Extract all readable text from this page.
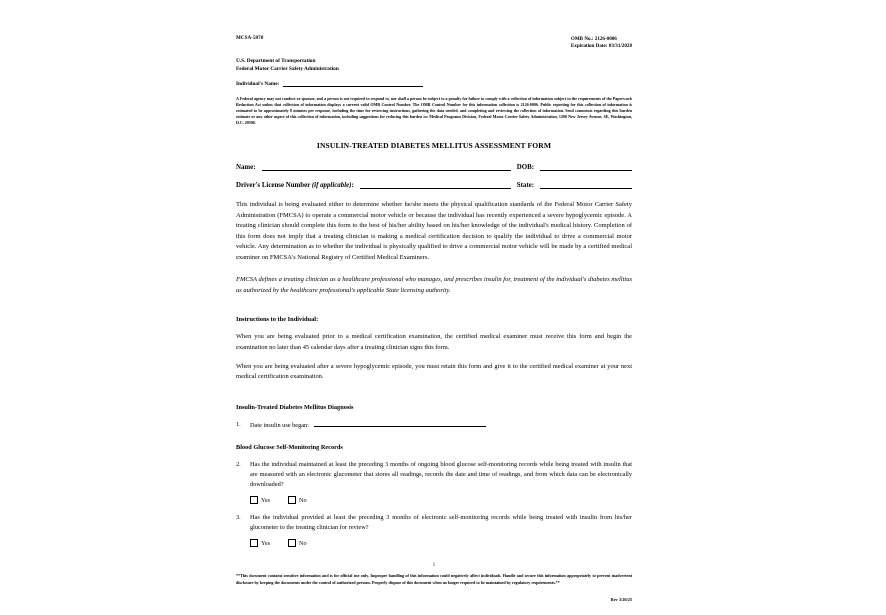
MCSA-5870	OMB No.: 2126-0006
Expiration Date: 03/31/2028
U.S. Department of Transportation
Federal Motor Carrier Safety Administration
Individual's Name:
A Federal agency may not conduct or sponsor, and a person is not required to respond to, nor shall a person be subject to a penalty for failure to comply with a collection of information subject to the requirements of the Paperwork Reduction Act unless that collection of information displays a current valid OMB Control Number. The OMB Control Number for this information collection is 2126-0006. Public reporting for this collection of information is estimated to be approximately 8 minutes per response, including the time for reviewing instructions, gathering the data needed, and completing and reviewing the collection of information. Send comments regarding this burden estimate or any other aspect of this collection of information, including suggestions for reducing this burden to: Medical Programs Division, Federal Motor Carrier Safety Administration, 1200 New Jersey Avenue, SE, Washington, D.C. 20590.
INSULIN-TREATED DIABETES MELLITUS ASSESSMENT FORM
Name:	DOB:
Driver's License Number (if applicable):	State:
This individual is being evaluated either to determine whether he/she meets the physical qualification standards of the Federal Motor Carrier Safety Administration (FMCSA) to operate a commercial motor vehicle or because the individual has recently experienced a severe hypoglycemic episode. A treating clinician should complete this form to the best of his/her ability based on his/her knowledge of the individual's medical history. Completion of this form does not imply that a treating clinician is making a medical certification decision to qualify the individual to drive a commercial motor vehicle. Any determination as to whether the individual is physically qualified to drive a commercial motor vehicle will be made by a certified medical examiner on FMCSA's National Registry of Certified Medical Examiners.
FMCSA defines a treating clinician as a healthcare professional who manages, and prescribes insulin for, treatment of the individual's diabetes mellitus as authorized by the healthcare professional's applicable State licensing authority.
Instructions to the Individual:
When you are being evaluated prior to a medical certification examination, the certified medical examiner must receive this form and begin the examination no later than 45 calendar days after a treating clinician signs this form.
When you are being evaluated after a severe hypoglycemic episode, you must retain this form and give it to the certified medical examiner at your next medical certification examination.
Insulin-Treated Diabetes Mellitus Diagnosis
1.	Date insulin use began:
Blood Glucose Self-Monitoring Records
2.	Has the individual maintained at least the preceding 3 months of ongoing blood glucose self-monitoring records while being treated with insulin that are measured with an electronic glucometer that stores all readings, records the date and time of readings, and from which data can be electronically downloaded?
Yes	No
3.	Has the individual provided at least the preceding 3 months of electronic self-monitoring records while being treated with insulin from his/her glucometer to the treating clinician for review?
Yes	No
1
**This document contains sensitive information and is for official use only. Improper handling of this information could negatively affect individuals. Handle and secure this information appropriately to prevent inadvertent disclosure by keeping the documents under the control of authorized persons. Properly dispose of this document when no longer required to be maintained by regulatory requirements.**
Rev 3/20/25
